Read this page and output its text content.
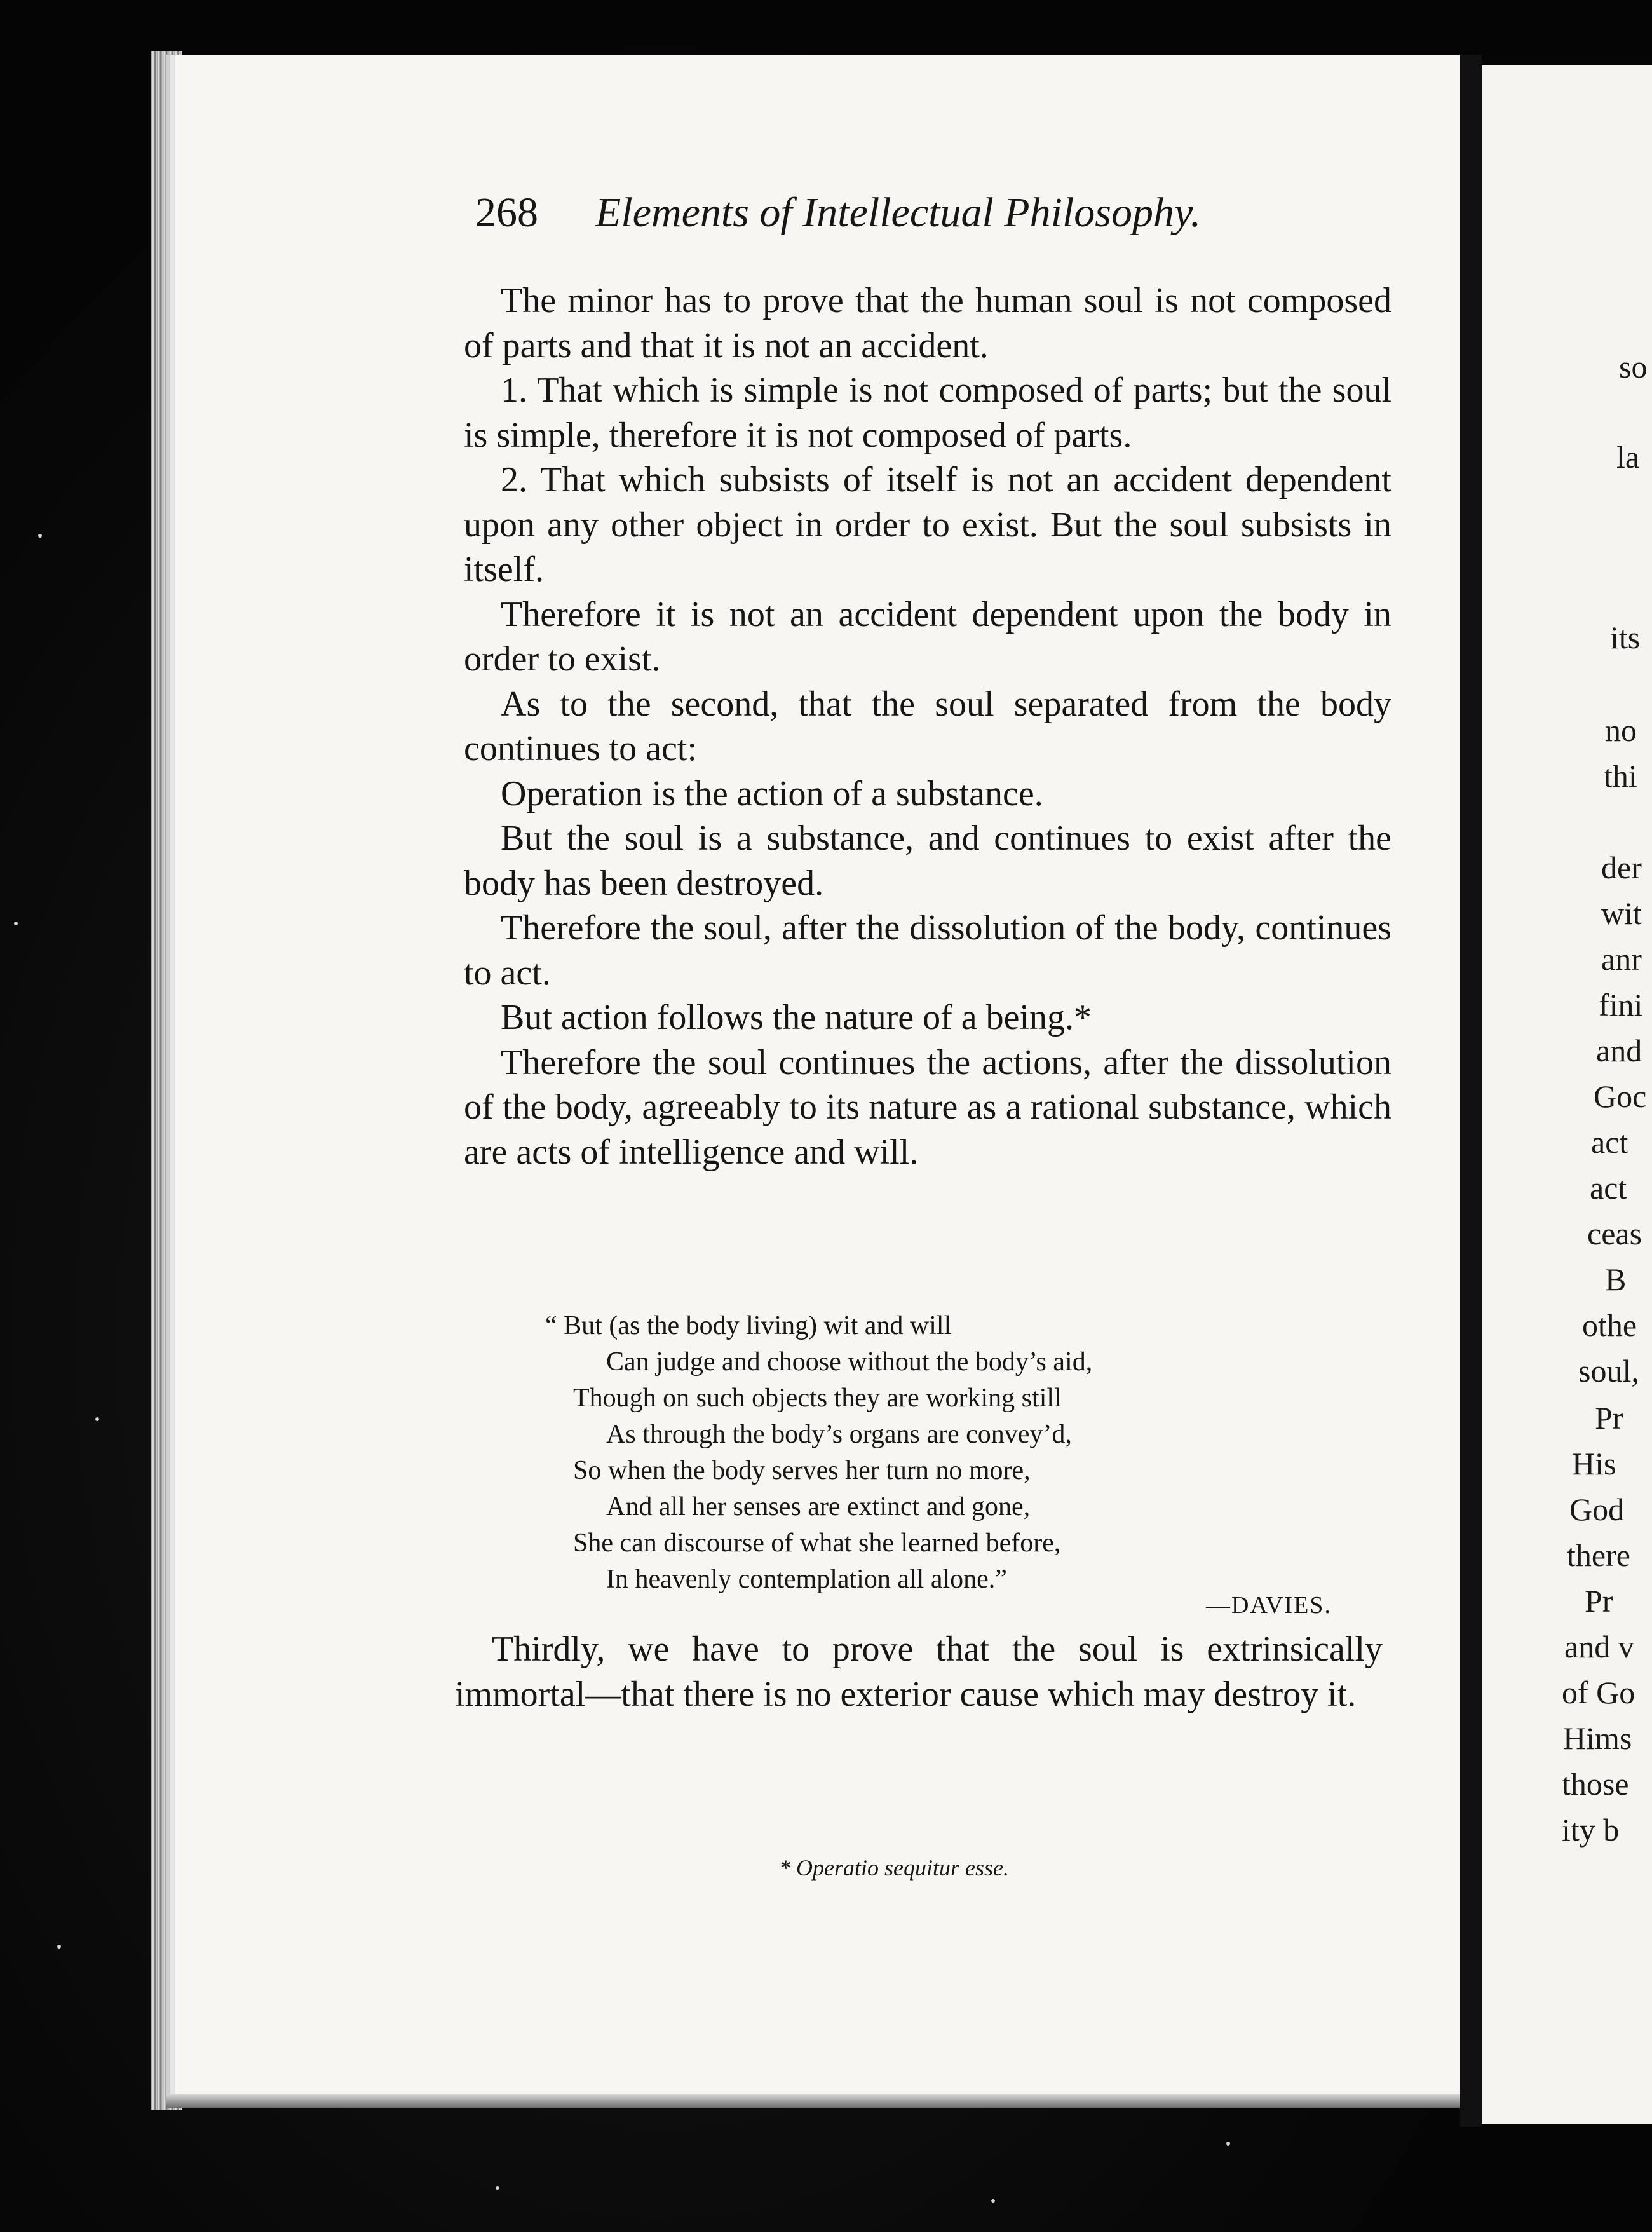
268 Elements of Intellectual Philosophy.

The minor has to prove that the human soul is not composed of parts and that it is not an accident.

1. That which is simple is not composed of parts; but the soul is simple, therefore it is not composed of parts.

2. That which subsists of itself is not an accident dependent upon any other object in order to exist. But the soul subsists in itself.

Therefore it is not an accident dependent upon the body in order to exist.

As to the second, that the soul separated from the body continues to act:

Operation is the action of a substance.

But the soul is a substance, and continues to exist after the body has been destroyed.

Therefore the soul, after the dissolution of the body, continues to act.

But action follows the nature of a being.*

Therefore the soul continues the actions, after the dissolution of the body, agreeably to its nature as a rational substance, which are acts of intelligence and will.

“ But (as the body living) wit and will
Can judge and choose without the body’s aid,
Though on such objects they are working still
As through the body’s organs are convey’d,
So when the body serves her turn no more,
And all her senses are extinct and gone,
She can discourse of what she learned before,
In heavenly contemplation all alone.”
—DAVIES.

Thirdly, we have to prove that the soul is extrinsically immortal—that there is no exterior cause which may destroy it.

* Operatio sequitur esse.
so
la
its
no
thi
der
wit
anr
fini
and
Goc
act
act
ceas
B
othe
soul,
Pr
His
God
there
Pr
and v
of Go
Hims
those
ity b
